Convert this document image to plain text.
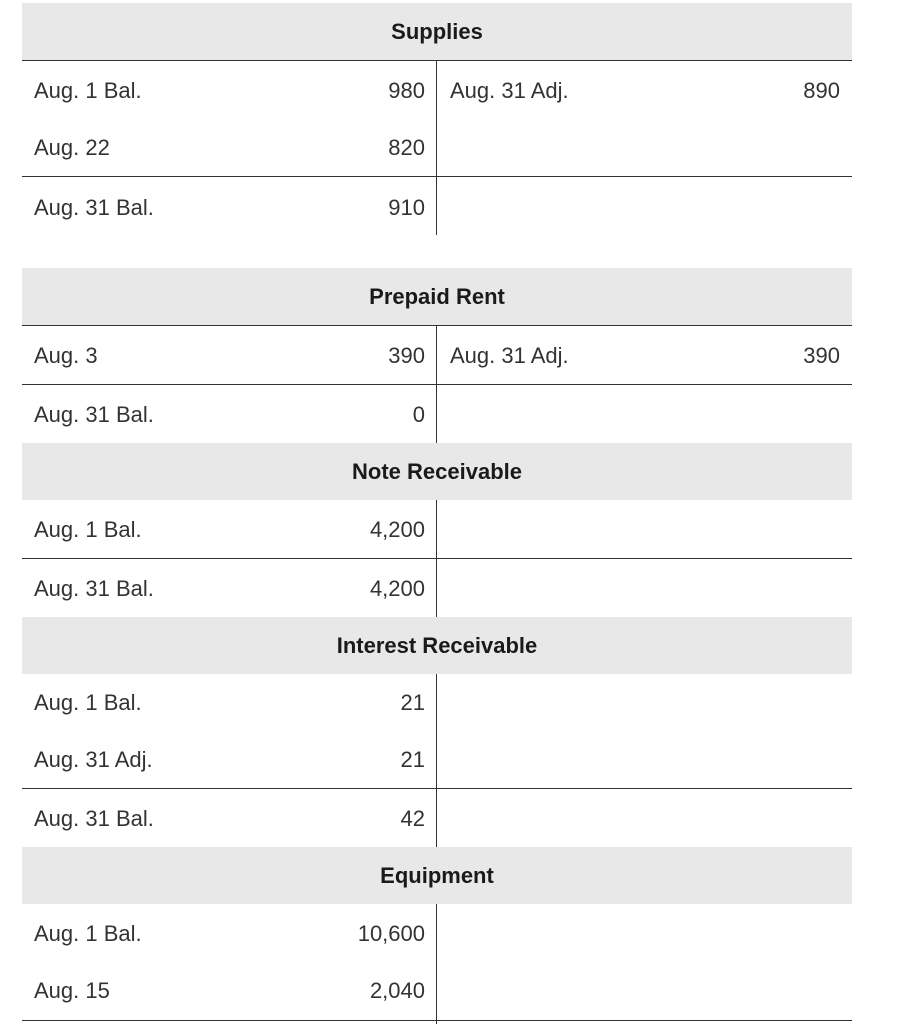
Supplies
Aug. 1 Bal.	980 Aug. 31 Adj.	890
Aug. 22	820
Aug. 31 Bal.	910
Prepaid Rent
Aug. 3	390 Aug. 31 Adj.	390
Aug. 31 Bal.	0
Note Receivable
Aug. 1 Bal.	4,200
Aug. 31 Bal.	4,200
Interest Receivable
Aug. 1 Bal.	21
Aug. 31 Adj.	21
Aug. 31 Bal.	42
Equipment
Aug. 1 Bal.	10,600
Aug. 15	2,040
